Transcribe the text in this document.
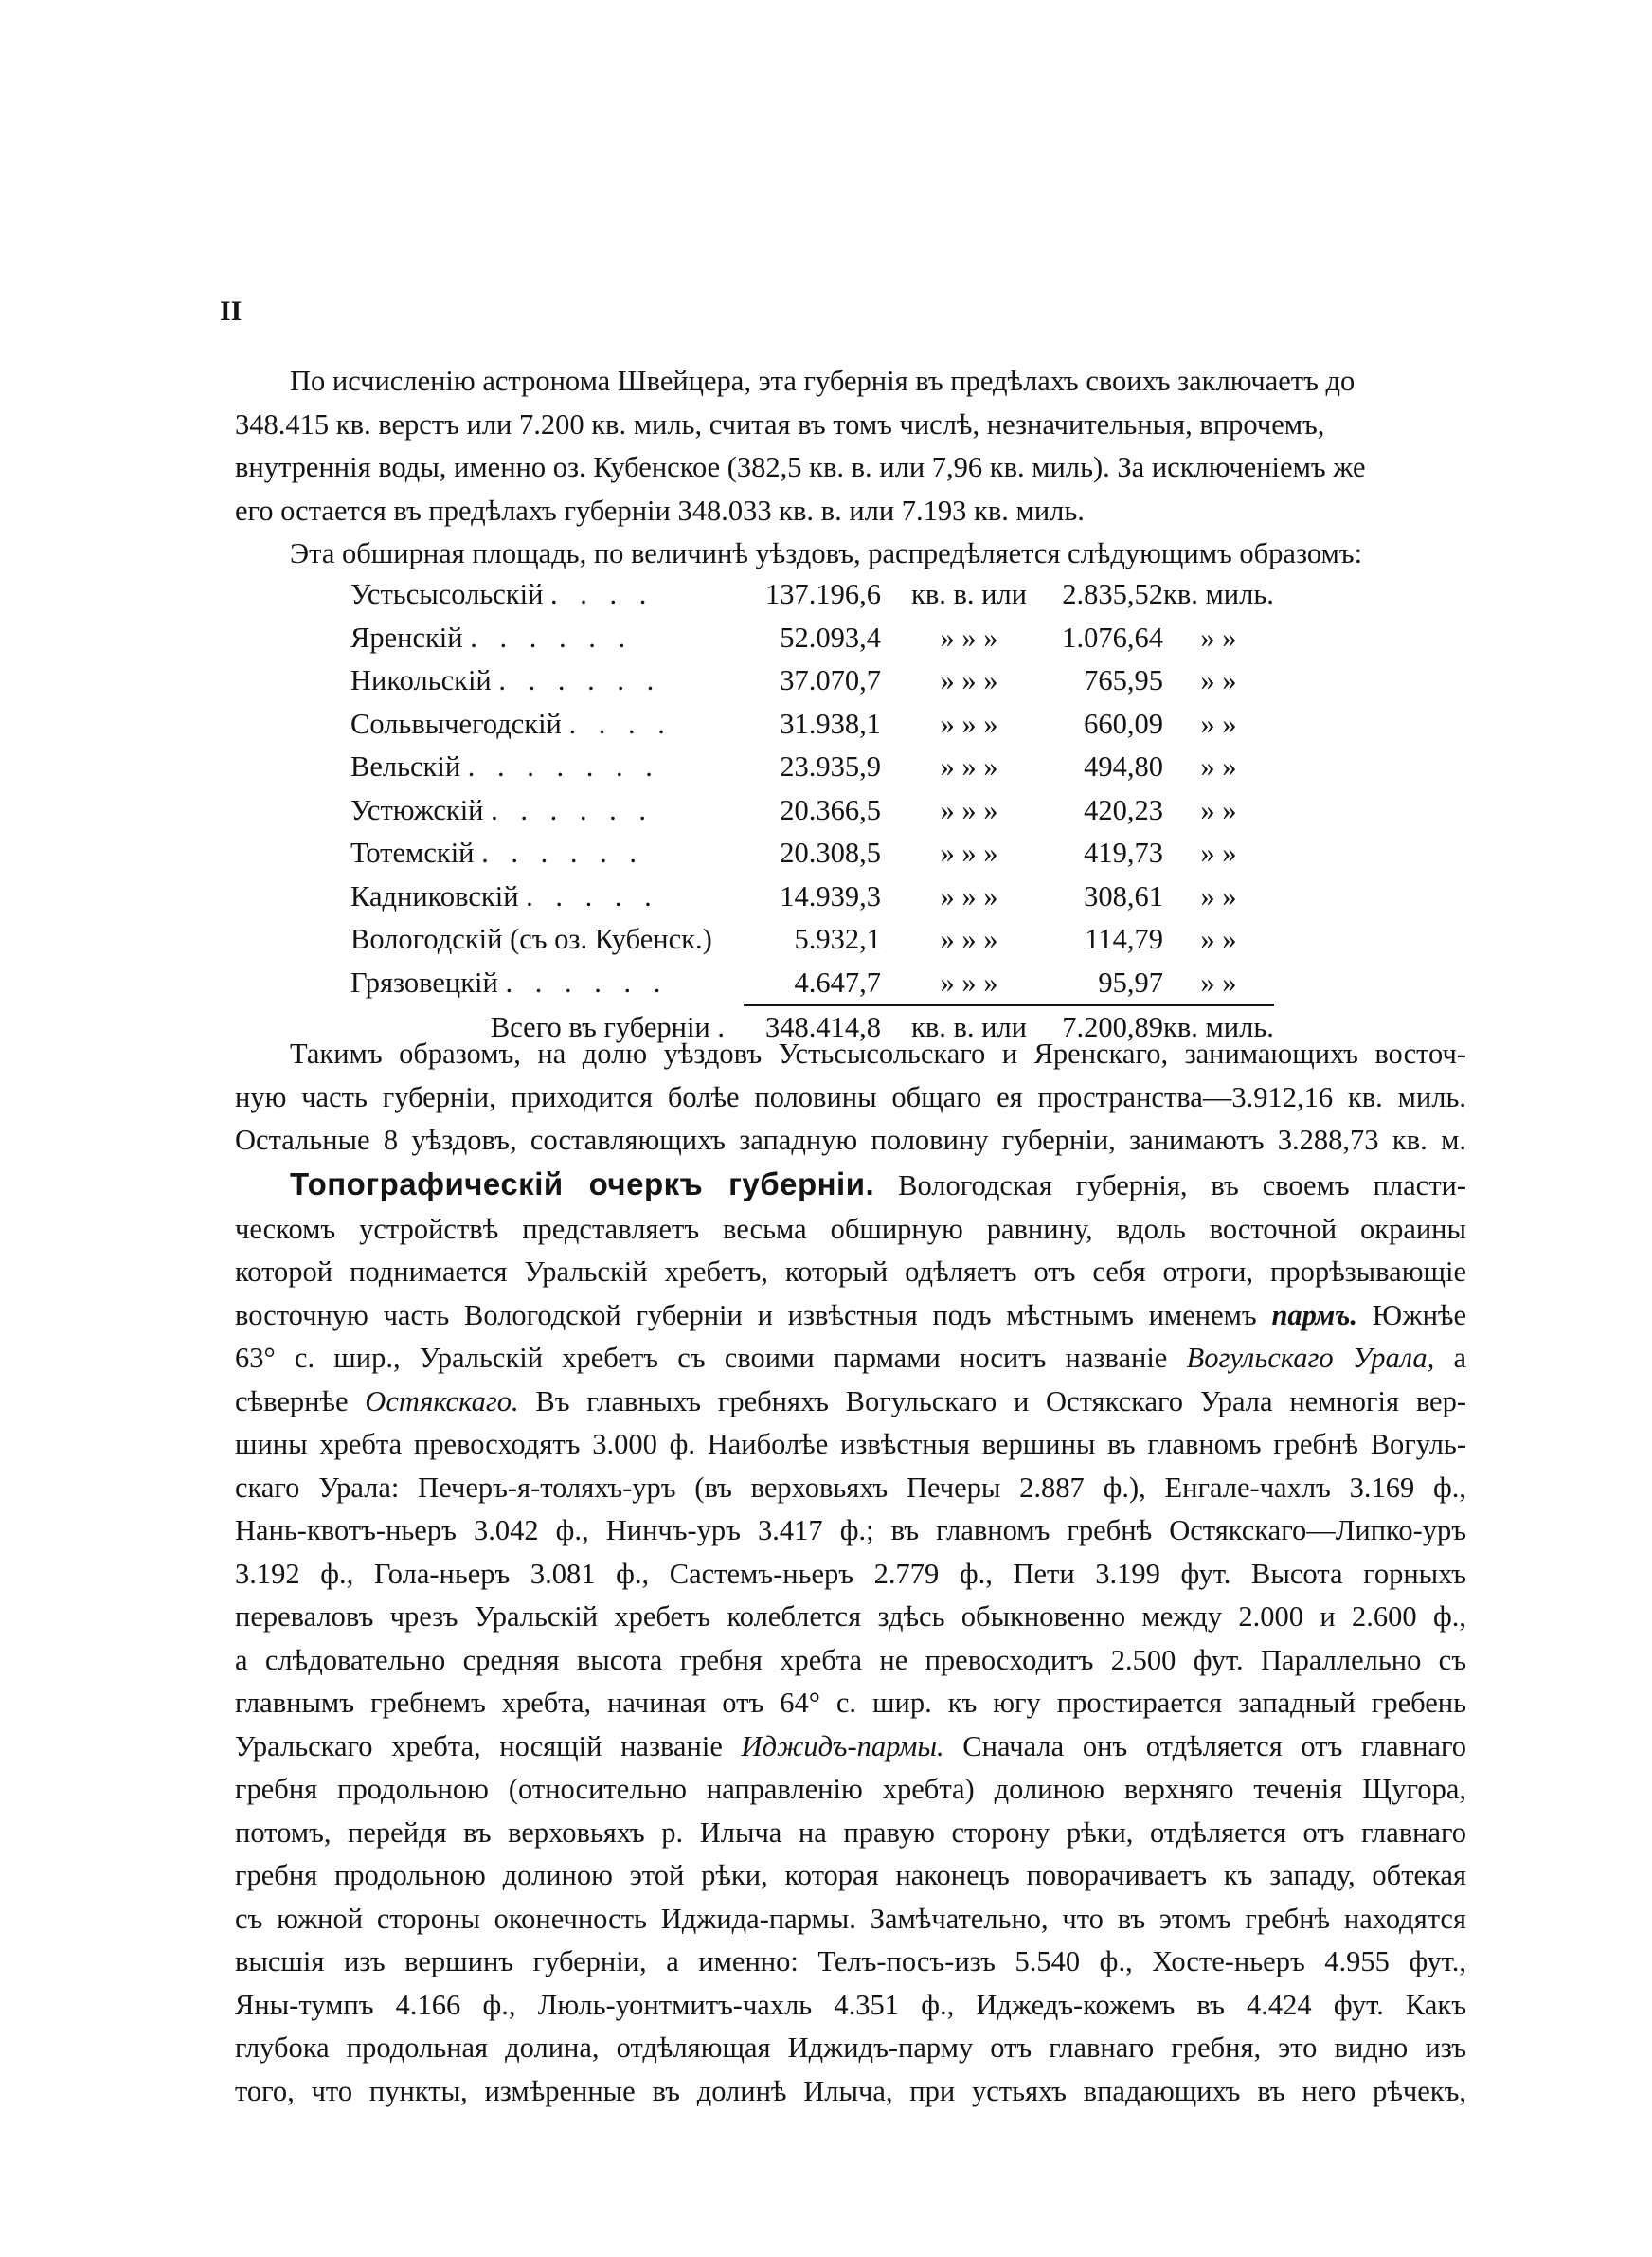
II
По исчисленію астронома Швейцера, эта губернія въ предѣлахъ своихъ заключаетъ до
348.415 кв. верстъ или 7.200 кв. миль, считая въ томъ числѣ, незначительныя, впрочемъ,
внутреннія воды, именно оз. Кубенское (382,5 кв. в. или 7,96 кв. миль). За исключеніемъ же
его остается въ предѣлахъ губерніи 348.033 кв. в. или 7.193 кв. миль.
Эта обширная площадь, по величинѣ уѣздовъ, распредѣляется слѣдующимъ образомъ:
Устьсысольскій . . . .	137.196,6	кв. в. или	2.835,52	кв. миль.
Яренскій . . . . . .	52.093,4	» » »	1.076,64	» »
Никольскій . . . . . .	37.070,7	» » »	765,95	» »
Сольвычегодскій . . . .	31.938,1	» » »	660,09	» »
Вельскій . . . . . . .	23.935,9	» » »	494,80	» »
Устюжскій . . . . . .	20.366,5	» » »	420,23	» »
Тотемскій . . . . . .	20.308,5	» » »	419,73	» »
Кадниковскій . . . . .	14.939,3	» » »	308,61	» »
Вологодскій (съ оз. Кубенск.)	5.932,1	» » »	114,79	» »
Грязовецкій . . . . . .	4.647,7	» » »	95,97	» »
Всего въ губерніи .	348.414,8	кв. в. или	7.200,89	кв. миль.
Такимъ образомъ, на долю уѣздовъ Устьсысольскаго и Яренскаго, занимающихъ восточ-
ную часть губерніи, приходится болѣе половины общаго ея пространства—3.912,16 кв. миль.
Остальные 8 уѣздовъ, составляющихъ западную половину губерніи, занимаютъ 3.288,73 кв. м.
Топографическій очеркъ губерніи. Вологодская губернія, въ своемъ пласти-
ческомъ устройствѣ представляетъ весьма обширную равнину, вдоль восточной окраины
которой поднимается Уральскій хребетъ, который одѣляетъ отъ себя отроги, прорѣзывающіе
восточную часть Вологодской губерніи и извѣстныя подъ мѣстнымъ именемъ пармъ. Южнѣе
63° с. шир., Уральскій хребетъ съ своими пармами носитъ названіе Вогульскаго Урала, а
сѣвернѣе Остякскаго. Въ главныхъ гребняхъ Вогульскаго и Остякскаго Урала немногія вер-
шины хребта превосходятъ 3.000 ф. Наиболѣе извѣстныя вершины въ главномъ гребнѣ Вогуль-
скаго Урала: Печеръ-я-толяхъ-уръ (въ верховьяхъ Печеры 2.887 ф.), Енгале-чахлъ 3.169 ф.,
Нань-квотъ-ньеръ 3.042 ф., Нинчъ-уръ 3.417 ф.; въ главномъ гребнѣ Остякскаго—Липко-уръ
3.192 ф., Гола-ньеръ 3.081 ф., Састемъ-ньеръ 2.779 ф., Пети 3.199 фут. Высота горныхъ
переваловъ чрезъ Уральскій хребетъ колеблется здѣсь обыкновенно между 2.000 и 2.600 ф.,
а слѣдовательно средняя высота гребня хребта не превосходитъ 2.500 фут. Параллельно съ
главнымъ гребнемъ хребта, начиная отъ 64° с. шир. къ югу простирается западный гребень
Уральскаго хребта, носящій названіе Иджидъ-пармы. Сначала онъ отдѣляется отъ главнаго
гребня продольною (относительно направленію хребта) долиною верхняго теченія Щугора,
потомъ, перейдя въ верховьяхъ р. Илыча на правую сторону рѣки, отдѣляется отъ главнаго
гребня продольною долиною этой рѣки, которая наконецъ поворачиваетъ къ западу, обтекая
съ южной стороны оконечность Иджида-пармы. Замѣчательно, что въ этомъ гребнѣ находятся
высшія изъ вершинъ губерніи, а именно: Телъ-посъ-изъ 5.540 ф., Хосте-ньеръ 4.955 фут.,
Яны-тумпъ 4.166 ф., Люль-уонтмитъ-чахль 4.351 ф., Иджедъ-кожемъ въ 4.424 фут. Какъ
глубока продольная долина, отдѣляющая Иджидъ-парму отъ главнаго гребня, это видно изъ
того, что пункты, измѣренные въ долинѣ Илыча, при устьяхъ впадающихъ въ него рѣчекъ,
